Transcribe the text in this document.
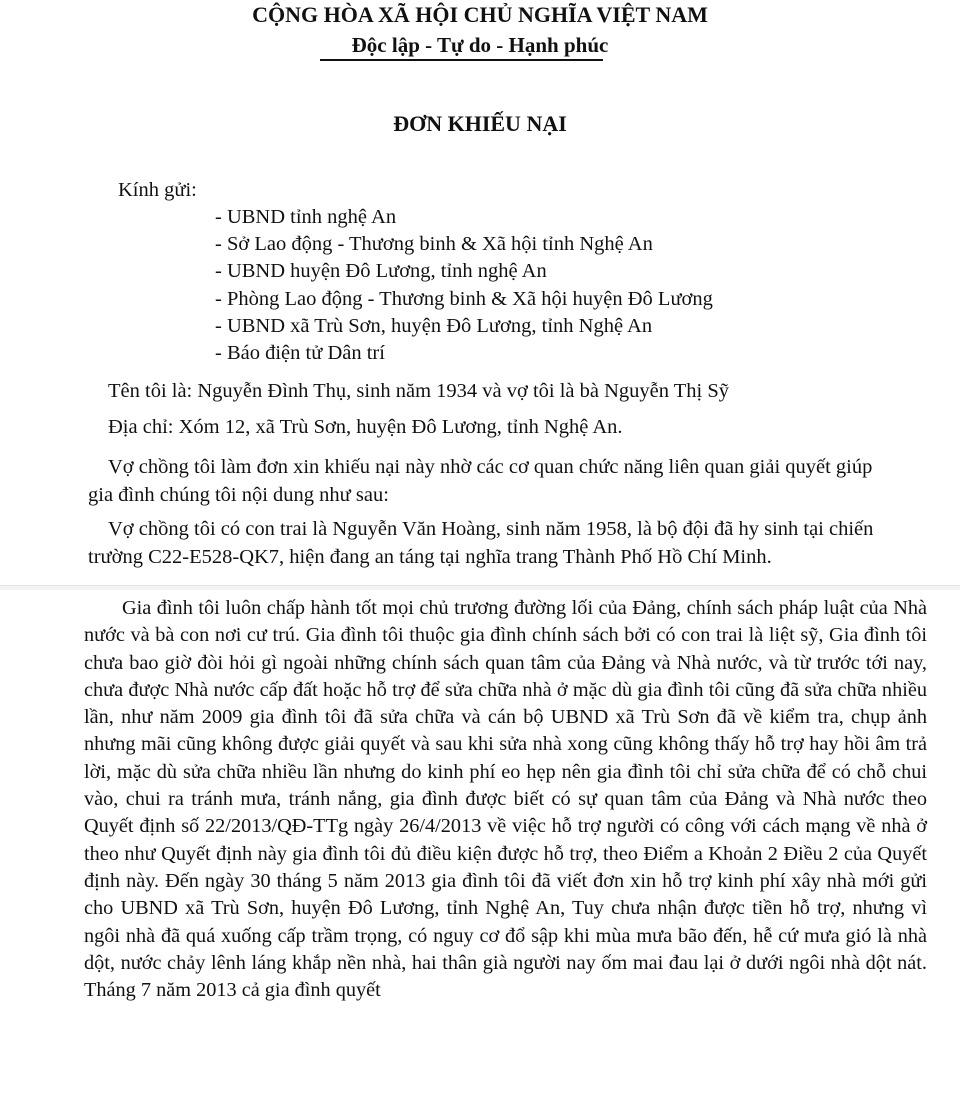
CỘNG HÒA XÃ HỘI CHỦ NGHĨA VIỆT NAM
Độc lập - Tự do - Hạnh phúc
ĐƠN KHIẾU NẠI
Kính gửi:
- UBND tỉnh nghệ An
- Sở Lao động - Thương binh & Xã hội tỉnh Nghệ An
- UBND huyện Đô Lương, tỉnh nghệ An
- Phòng Lao động - Thương binh & Xã hội huyện Đô Lương
- UBND xã Trù Sơn, huyện Đô Lương, tỉnh Nghệ An
- Báo điện tử Dân trí
Tên tôi là: Nguyễn Đình Thụ, sinh năm 1934 và vợ tôi là bà Nguyễn Thị Sỹ
Địa chỉ: Xóm 12, xã Trù Sơn, huyện Đô Lương, tỉnh Nghệ An.
Vợ chồng tôi làm đơn xin khiếu nại này nhờ các cơ quan chức năng liên quan giải quyết giúp gia đình chúng tôi nội dung như sau:
Vợ chồng tôi có con trai là Nguyễn Văn Hoàng, sinh năm 1958, là bộ đội đã hy sinh tại chiến trường C22-E528-QK7, hiện đang an táng tại nghĩa trang Thành Phố Hồ Chí Minh.
Gia đình tôi luôn chấp hành tốt mọi chủ trương đường lối của Đảng, chính sách pháp luật của Nhà nước và bà con nơi cư trú. Gia đình tôi thuộc gia đình chính sách bởi có con trai là liệt sỹ, Gia đình tôi chưa bao giờ đòi hỏi gì ngoài những chính sách quan tâm của Đảng và Nhà nước, và từ trước tới nay, chưa được Nhà nước cấp đất hoặc hỗ trợ để sửa chữa nhà ở mặc dù gia đình tôi cũng đã sửa chữa nhiều lần, như năm 2009 gia đình tôi đã sửa chữa và cán bộ UBND xã Trù Sơn đã về kiểm tra, chụp ảnh nhưng mãi cũng không được giải quyết và sau khi sửa nhà xong cũng không thấy hỗ trợ hay hồi âm trả lời, mặc dù sửa chữa nhiều lần nhưng do kinh phí eo hẹp nên gia đình tôi chỉ sửa chữa để có chỗ chui vào, chui ra tránh mưa, tránh nắng, gia đình được biết có sự quan tâm của Đảng và Nhà nước theo Quyết định số 22/2013/QĐ-TTg ngày 26/4/2013 về việc hỗ trợ người có công với cách mạng về nhà ở theo như Quyết định này gia đình tôi đủ điều kiện được hỗ trợ, theo Điểm a Khoản 2 Điều 2 của Quyết định này. Đến ngày 30 tháng 5 năm 2013 gia đình tôi đã viết đơn xin hỗ trợ kinh phí xây nhà mới gửi cho UBND xã Trù Sơn, huyện Đô Lương, tỉnh Nghệ An, Tuy chưa nhận được tiền hỗ trợ, nhưng vì ngôi nhà đã quá xuống cấp trầm trọng, có nguy cơ đổ sập khi mùa mưa bão đến, hễ cứ mưa gió là nhà dột, nước chảy lênh láng khắp nền nhà, hai thân già người nay ốm mai đau lại ở dưới ngôi nhà dột nát. Tháng 7 năm 2013 cả gia đình quyết
